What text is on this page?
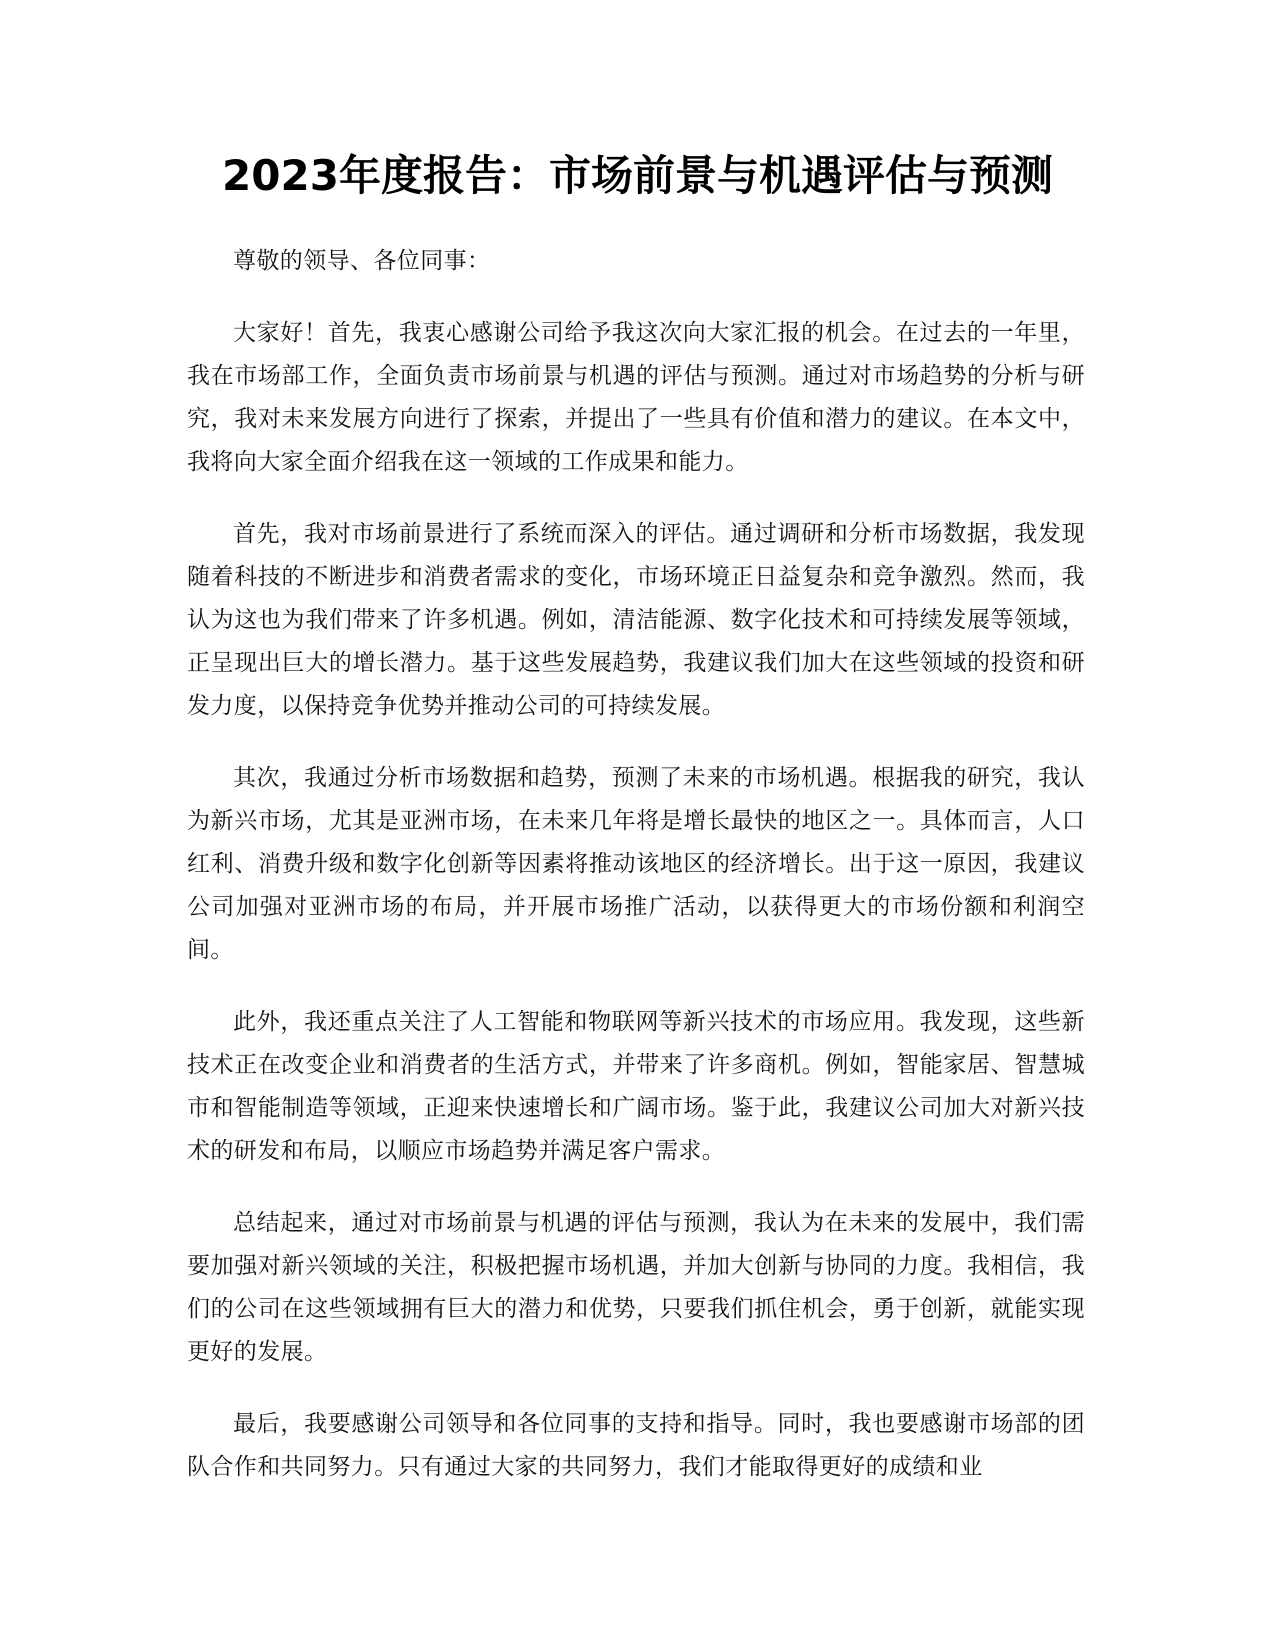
2023年度报告：市场前景与机遇评估与预测

尊敬的领导、各位同事：

大家好！首先，我衷心感谢公司给予我这次向大家汇报的机会。在过去的一年里，我在市场部工作，全面负责市场前景与机遇的评估与预测。通过对市场趋势的分析与研究，我对未来发展方向进行了探索，并提出了一些具有价值和潜力的建议。在本文中，我将向大家全面介绍我在这一领域的工作成果和能力。

首先，我对市场前景进行了系统而深入的评估。通过调研和分析市场数据，我发现随着科技的不断进步和消费者需求的变化，市场环境正日益复杂和竞争激烈。然而，我认为这也为我们带来了许多机遇。例如，清洁能源、数字化技术和可持续发展等领域，正呈现出巨大的增长潜力。基于这些发展趋势，我建议我们加大在这些领域的投资和研发力度，以保持竞争优势并推动公司的可持续发展。

其次，我通过分析市场数据和趋势，预测了未来的市场机遇。根据我的研究，我认为新兴市场，尤其是亚洲市场，在未来几年将是增长最快的地区之一。具体而言，人口红利、消费升级和数字化创新等因素将推动该地区的经济增长。出于这一原因，我建议公司加强对亚洲市场的布局，并开展市场推广活动，以获得更大的市场份额和利润空间。

此外，我还重点关注了人工智能和物联网等新兴技术的市场应用。我发现，这些新技术正在改变企业和消费者的生活方式，并带来了许多商机。例如，智能家居、智慧城市和智能制造等领域，正迎来快速增长和广阔市场。鉴于此，我建议公司加大对新兴技术的研发和布局，以顺应市场趋势并满足客户需求。

总结起来，通过对市场前景与机遇的评估与预测，我认为在未来的发展中，我们需要加强对新兴领域的关注，积极把握市场机遇，并加大创新与协同的力度。我相信，我们的公司在这些领域拥有巨大的潜力和优势，只要我们抓住机会，勇于创新，就能实现更好的发展。

最后，我要感谢公司领导和各位同事的支持和指导。同时，我也要感谢市场部的团队合作和共同努力。只有通过大家的共同努力，我们才能取得更好的成绩和业
